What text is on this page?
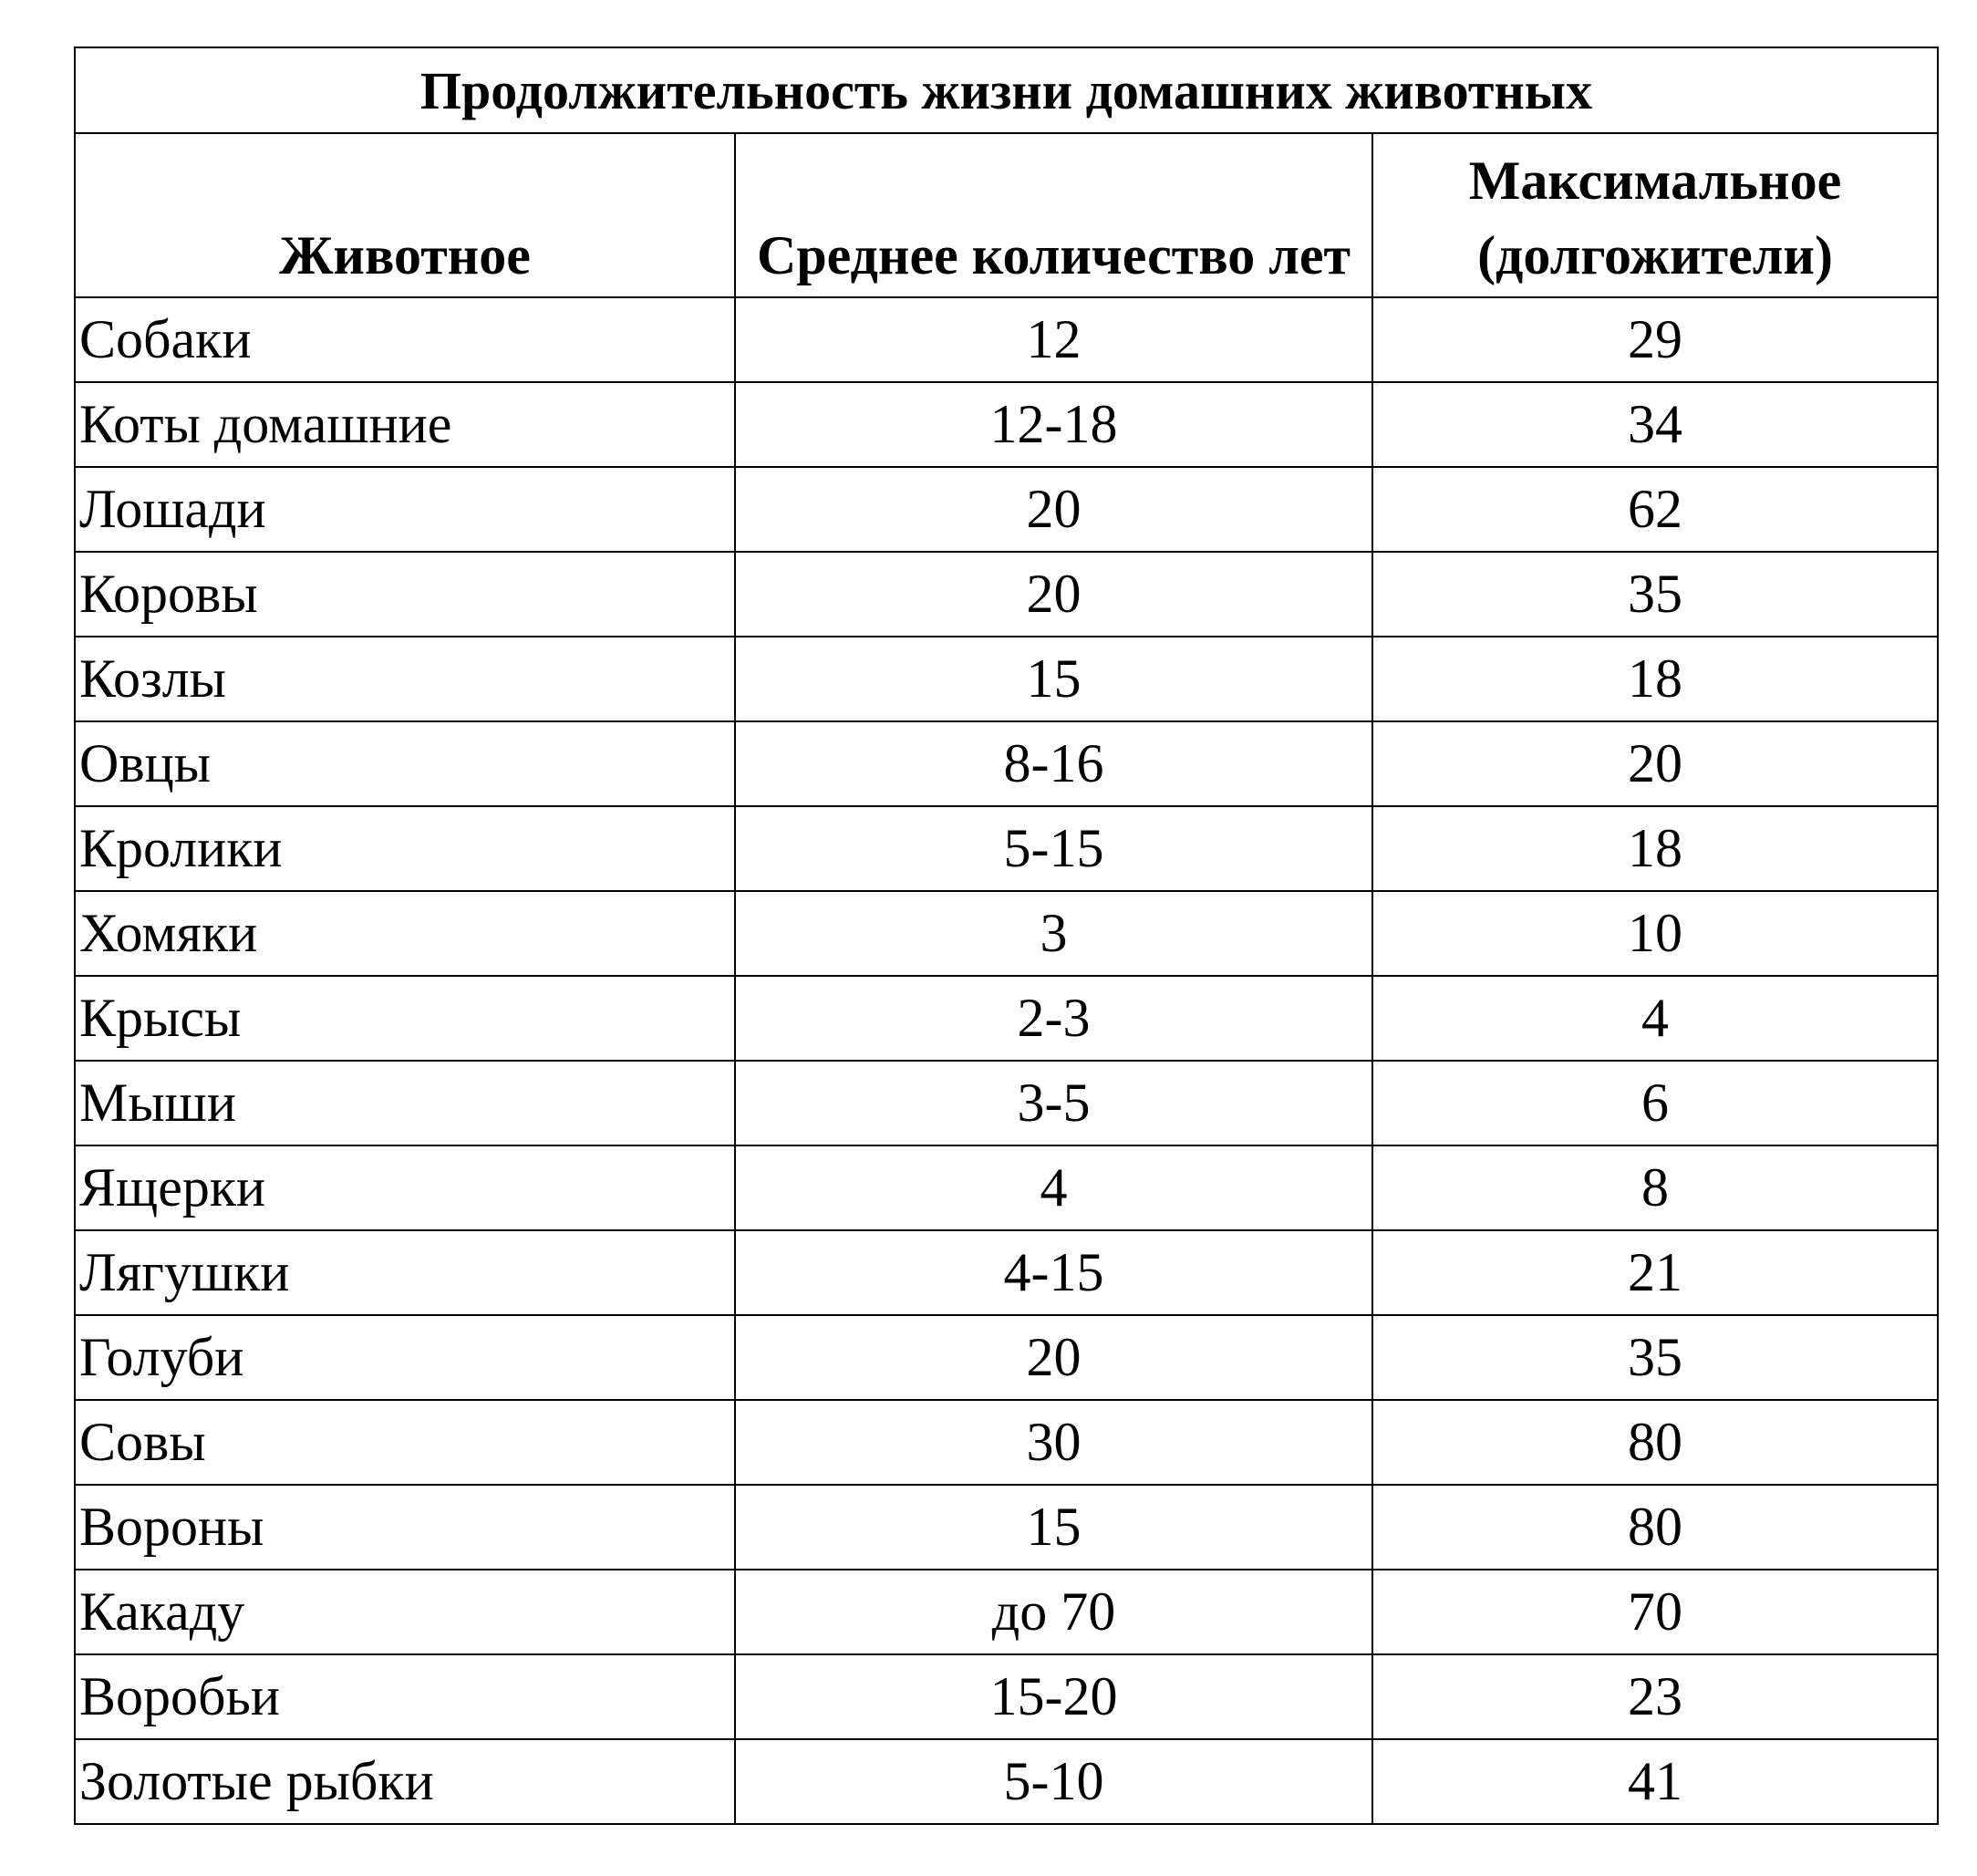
Продолжительность жизни домашних животных		
Животное	Среднее количество лет	Максимальное (долгожители)
Собаки	12	29
Коты домашние	12-18	34
Лошади	20	62
Коровы	20	35
Козлы	15	18
Овцы	8-16	20
Кролики	5-15	18
Хомяки	3	10
Крысы	2-3	4
Мыши	3-5	6
Ящерки	4	8
Лягушки	4-15	21
Голуби	20	35
Совы	30	80
Вороны	15	80
Какаду	до 70	70
Воробьи	15-20	23
Золотые рыбки	5-10	41
